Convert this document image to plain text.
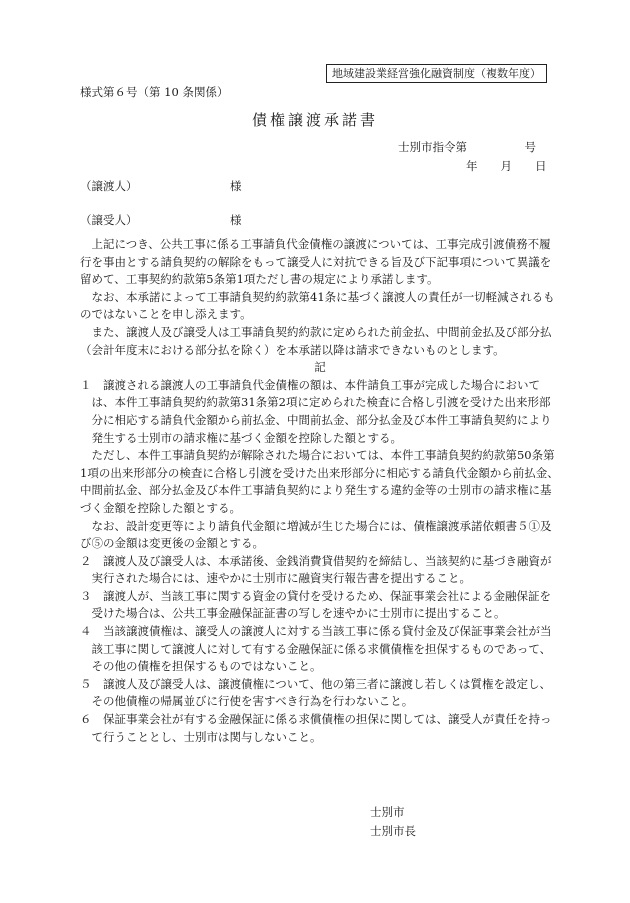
地域建設業経営強化融資制度（複数年度）
様式第６号（第 10 条関係）
債権譲渡承諾書
士別市指令第　　　　　号
年　　月　　日
（譲渡人）	様
（譲受人）	様

上記につき、公共工事に係る工事請負代金債権の譲渡については、工事完成引渡債務不履行を事由とする請負契約の解除をもって譲受人に対抗できる旨及び下記事項について異議を留めて、工事契約約款第5条第1項ただし書の規定により承諾します。

なお、本承諾によって工事請負契約約款第41条に基づく譲渡人の責任が一切軽減されるものではないことを申し添えます。

また、譲渡人及び譲受人は工事請負契約約款に定められた前金払、中間前金払及び部分払（会計年度末における部分払を除く）を本承諾以降は請求できないものとします。

記

１　譲渡される譲渡人の工事請負代金債権の額は、本件請負工事が完成した場合においては、本件工事請負契約約款第31条第2項に定められた検査に合格し引渡を受けた出来形部分に相応する請負代金額から前払金、中間前払金、部分払金及び本件工事請負契約により発生する士別市の請求権に基づく金額を控除した額とする。

ただし、本件工事請負契約が解除された場合においては、本件工事請負契約約款第50条第1項の出来形部分の検査に合格し引渡を受けた出来形部分に相応する請負代金額から前払金、中間前払金、部分払金及び本件工事請負契約により発生する違約金等の士別市の請求権に基づく金額を控除した額とする。

なお、設計変更等により請負代金額に増減が生じた場合には、債権譲渡承諾依頼書５①及び⑤の金額は変更後の金額とする。

２　譲渡人及び譲受人は、本承諾後、金銭消費貸借契約を締結し、当該契約に基づき融資が実行された場合には、速やかに士別市に融資実行報告書を提出すること。

３　譲渡人が、当該工事に関する資金の貸付を受けるため、保証事業会社による金融保証を受けた場合は、公共工事金融保証証書の写しを速やかに士別市に提出すること。

４　当該譲渡債権は、譲受人の譲渡人に対する当該工事に係る貸付金及び保証事業会社が当該工事に関して譲渡人に対して有する金融保証に係る求償債権を担保するものであって、その他の債権を担保するものではないこと。

５　譲渡人及び譲受人は、譲渡債権について、他の第三者に譲渡し若しくは質権を設定し、その他債権の帰属並びに行使を害すべき行為を行わないこと。

６　保証事業会社が有する金融保証に係る求償債権の担保に関しては、譲受人が責任を持って行うこととし、士別市は関与しないこと。

士別市
士別市長
